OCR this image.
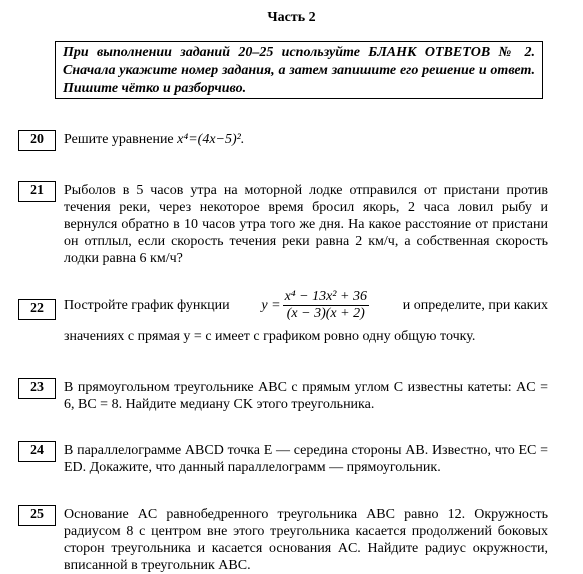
Часть 2
При выполнении заданий 20–25 используйте БЛАНК ОТВЕТОВ № 2. Сначала укажите номер задания, а затем запишите его решение и ответ. Пишите чётко и разборчиво.
20	Решите уравнение x⁴=(4x−5)².
21	Рыболов в 5 часов утра на моторной лодке отправился от пристани против течения реки, через некоторое время бросил якорь, 2 часа ловил рыбу и вернулся обратно в 10 часов утра того же дня. На какое расстояние от пристани он отплыл, если скорость течения реки равна 2 км/ч, а собственная скорость лодки равна 6 км/ч?
22	Постройте график функции $y = \frac{\text{x⁴ − 13x² + 36}}{(x - 3)(x + 2)}$ и определите, при каких
значениях c прямая y = c имеет с графиком ровно одну общую точку.
23	В прямоугольном треугольнике ABC с прямым углом C известны катеты: AC = 6, BC = 8. Найдите медиану CK этого треугольника.
24	В параллелограмме ABCD точка E — середина стороны AB. Известно, что EC = ED. Докажите, что данный параллелограмм — прямоугольник.
25	Основание AC равнобедренного треугольника ABC равно 12. Окружность радиусом 8 с центром вне этого треугольника касается продолжений боковых сторон треугольника и касается основания AC. Найдите радиус окружности, вписанной в треугольник ABC.
